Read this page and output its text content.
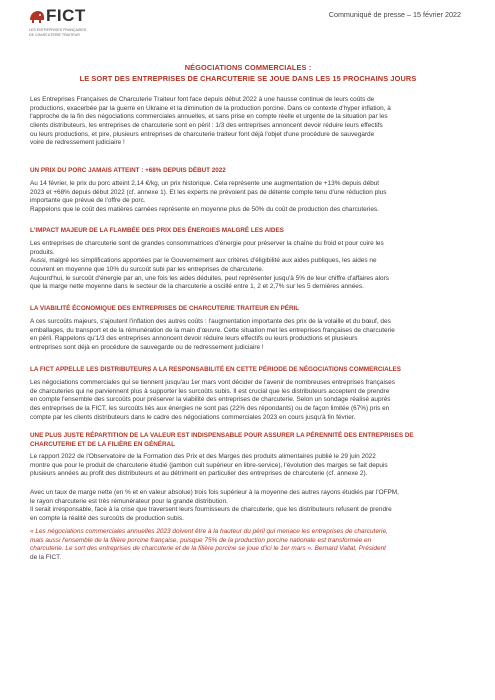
FICT
LES ENTREPRISES FRANÇAISES
DE CHARCUTERIE TRAITEUR
Communiqué de presse – 15 février 2022
NÉGOCIATIONS COMMERCIALES :
LE SORT DES ENTREPRISES DE CHARCUTERIE SE JOUE DANS LES 15 PROCHAINS JOURS
Les Entreprises Françaises de Charcuterie Traiteur font face depuis début 2022 à une hausse continue de leurs coûts de
productions, exacerbée par la guerre en Ukraine et la diminution de la production porcine. Dans ce contexte d'hyper inflation, à
l'approche de la fin des négociations commerciales annuelles, et sans prise en compte réelle et urgente de la situation par les
clients distributeurs, les entreprises de charcuterie sont en péril : 1/3 des entreprises annoncent devoir réduire leurs effectifs
ou leurs productions, et pire, plusieurs entreprises de charcuterie traiteur font déjà l'objet d'une procédure de sauvegarde
voire de redressement judiciaire !
UN PRIX DU PORC JAMAIS ATTEINT : +68% DEPUIS DÉBUT 2022
Au 14 février, le prix du porc atteint 2,14 €/kg, un prix historique. Cela représente une augmentation de +13% depuis début
2023 et +68% depuis début 2022 (cf. annexe 1). Et les experts ne prévoient pas de détente compte tenu d'une réduction plus
importante que prévue de l'offre de porc.
Rappelons que le coût des matières carnées représente en moyenne plus de 50% du coût de production des charcuteries.
L'IMPACT MAJEUR DE LA FLAMBÉE DES PRIX DES ÉNERGIES MALGRÉ LES AIDES
Les entreprises de charcuterie sont de grandes consommatrices d'énergie pour préserver la chaîne du froid et pour cuire les
produits.
Aussi, malgré les simplifications apportées par le Gouvernement aux critères d'éligibilité aux aides publiques, les aides ne
couvrent en moyenne que 10% du surcoût subi par les entreprises de charcuterie.
Aujourd'hui, le surcoût d'énergie par an, une fois les aides déduites, peut représenter jusqu'à 5% de leur chiffre d'affaires alors
que la marge nette moyenne dans le secteur de la charcuterie a oscillé entre 1, 2 et 2,7% sur les 5 dernières années.
LA VIABILITÉ ÉCONOMIQUE DES ENTREPRISES DE CHARCUTERIE TRAITEUR EN PÉRIL
A ces surcoûts majeurs, s'ajoutent l'inflation des autres coûts : l'augmentation importante des prix de la volaille et du bœuf, des
emballages, du transport et de la rémunération de la main d'œuvre. Cette situation met les entreprises françaises de charcuterie
en péril. Rappelons qu'1/3 des entreprises annoncent devoir réduire leurs effectifs ou leurs productions et plusieurs
entreprises sont déjà en procédure de sauvegarde ou de redressement judiciaire !
LA FICT APPELLE LES DISTRIBUTEURS A LA RESPONSABILITÉ EN CETTE PÉRIODE DE NÉGOCIATIONS COMMERCIALES
Les négociations commerciales qui se tiennent jusqu'au 1er mars vont décider de l'avenir de nombreuses entreprises françaises
de charcuteries qui ne parviennent plus à supporter les surcoûts subis. Il est crucial que les distributeurs acceptent de prendre
en compte l'ensemble des surcoûts pour préserver la viabilité des entreprises de charcuterie. Selon un sondage réalisé auprès
des entreprises de la FICT, les surcoûts liés aux énergies ne sont pas (22% des répondants) ou de façon limitée (67%) pris en
compte par les clients distributeurs dans le cadre des négociations commerciales 2023 en cours jusqu'à fin février.
UNE PLUS JUSTE RÉPARTITION DE LA VALEUR EST INDISPENSABLE POUR ASSURER LA PÉRENNITÉ DES ENTREPRISES DE
CHARCUTERIE ET DE LA FILIÈRE EN GÉNÉRAL
Le rapport 2022 de l'Observatoire de la Formation des Prix et des Marges des produits alimentaires publié le 29 juin 2022
montre que pour le produit de charcuterie étudié (jambon cuit supérieur en libre-service), l'évolution des marges se fait depuis
plusieurs années au profit des distributeurs et au détriment en particulier des entreprises de charcuterie (cf. annexe 2).
Avec un taux de marge nette (en % et en valeur absolue) trois fois supérieur à la moyenne des autres rayons étudiés par l'OFPM,
le rayon charcuterie est très rémunérateur pour la grande distribution.
Il serait irresponsable, face à la crise que traversent leurs fournisseurs de charcuterie, que les distributeurs refusent de prendre
en compte la réalité des surcoûts de production subis.
« Les négociations commerciales annuelles 2023 doivent être à la hauteur du péril qui menace les entreprises de charcuterie,
mais aussi l'ensemble de la filière porcine française, puisque 75% de la production porcine nationale est transformée en
charcuterie. Le sort des entreprises de charcuterie et de la filière porcine se joue d'ici le 1er mars ». Bernard Vallat, Président
de la FICT.
